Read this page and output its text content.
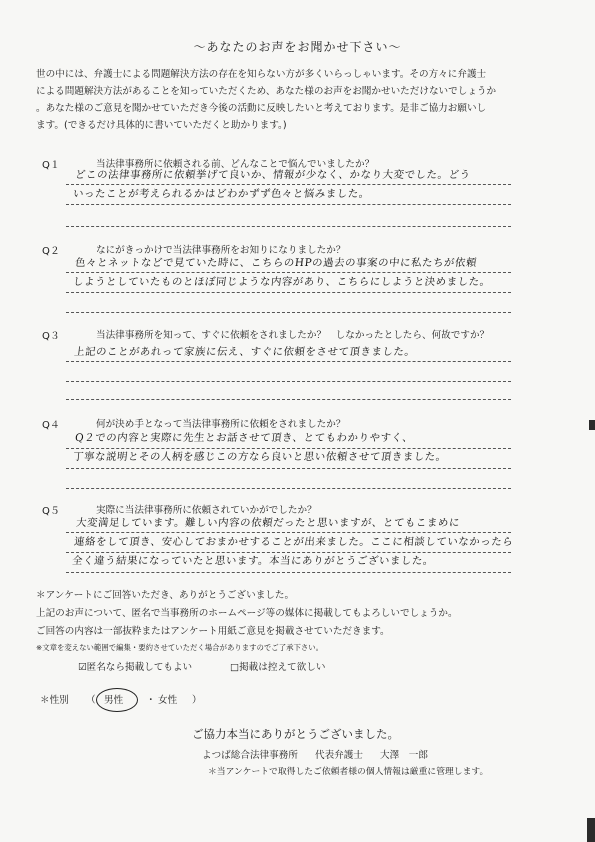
〜あなたのお声をお聞かせ下さい〜

世の中には、弁護士による問題解決方法の存在を知らない方が多くいらっしゃいます。その方々に弁護士

による問題解決方法があることを知っていただくため、あなた様のお声をお聞かせいただけないでしょうか

。あなた様のご意見を聞かせていただき今後の活動に反映したいと考えております。是非ご協力お願いし

ます。(できるだけ具体的に書いていただくと助かります。)

Q１	当法律事務所に依頼される前、どんなことで悩んでいましたか？
どこの法律事務所に依頼挙げて良いか、情報が少なく、かなり大変でした。どう
いったことが考えられるかはどわかずず色々と悩みました。
Q２	なにがきっかけで当法律事務所をお知りになりましたか？
色々とネットなどで見ていた時に、こちらのHPの過去の事案の中に私たちが依頼
しようとしていたものとほぼ同じような内容があり、こちらにしようと決めました。
Q３	当法律事務所を知って、すぐに依頼をされましたか？　しなかったとしたら、何故ですか？
上記のことがあれって家族に伝え、すぐに依頼をさせて頂きました。
Q４	何が決め手となって当法律事務所に依頼をされましたか？
Q２での内容と実際に先生とお話させて頂き、とてもわかりやすく、
丁寧な説明とその人柄を感じこの方なら良いと思い依頼させて頂きました。
Q５	実際に当法律事務所に依頼されていかがでしたか？
大変満足しています。難しい内容の依頼だったと思いますが、とてもこまめに
連絡をして頂き、安心しておまかせすることが出来ました。ここに相談していなかったら
全く違う結果になっていたと思います。本当にありがとうございました。
＊アンケートにご回答いただき、ありがとうございました。
上記のお声について、匿名で当事務所のホームページ等の媒体に掲載してもよろしいでしょうか。
ご回答の内容は一部抜粋またはアンケート用紙ご意見を掲載させていただきます。
※文章を変えない範囲で編集・要約させていただく場合がありますのでご了承下さい。
☑匿名なら掲載してもよい	□掲載は控えて欲しい
＊性別 （ 男性 ・ 女性 ）
ご協力本当にありがとうございました。
よつば総合法律事務所 代表弁護士 大澤　一郎
＊当アンケートで取得したご依頼者様の個人情報は厳重に管理します。
